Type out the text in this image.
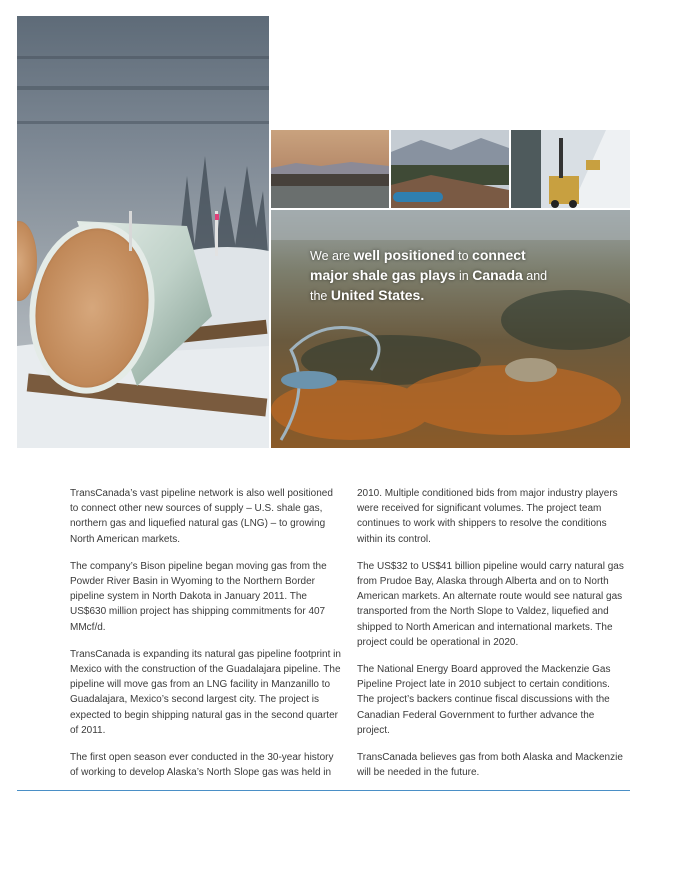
We are well positioned to connect major shale gas plays in Canada and the United States.

TransCanada’s vast pipeline network is also well positioned to connect other new sources of supply – U.S. shale gas, northern gas and liquefied natural gas (LNG) – to growing North American markets.

The company’s Bison pipeline began moving gas from the Powder River Basin in Wyoming to the Northern Border pipeline system in North Dakota in January 2011. The US$630 million project has shipping commitments for 407 MMcf/d.

TransCanada is expanding its natural gas pipeline footprint in Mexico with the construction of the Guadalajara pipeline. The pipeline will move gas from an LNG facility in Manzanillo to Guadalajara, Mexico’s second largest city. The project is expected to begin shipping natural gas in the second quarter of 2011.

The first open season ever conducted in the 30-year history of working to develop Alaska’s North Slope gas was held in

2010. Multiple conditioned bids from major industry players were received for significant volumes. The project team continues to work with shippers to resolve the conditions within its control.

The US$32 to US$41 billion pipeline would carry natural gas from Prudoe Bay, Alaska through Alberta and on to North American markets. An alternate route would see natural gas transported from the North Slope to Valdez, liquefied and shipped to North American and international markets. The project could be operational in 2020.

The National Energy Board approved the Mackenzie Gas Pipeline Project late in 2010 subject to certain conditions. The project’s backers continue fiscal discussions with the Canadian Federal Government to further advance the project.

TransCanada believes gas from both Alaska and Mackenzie will be needed in the future.
